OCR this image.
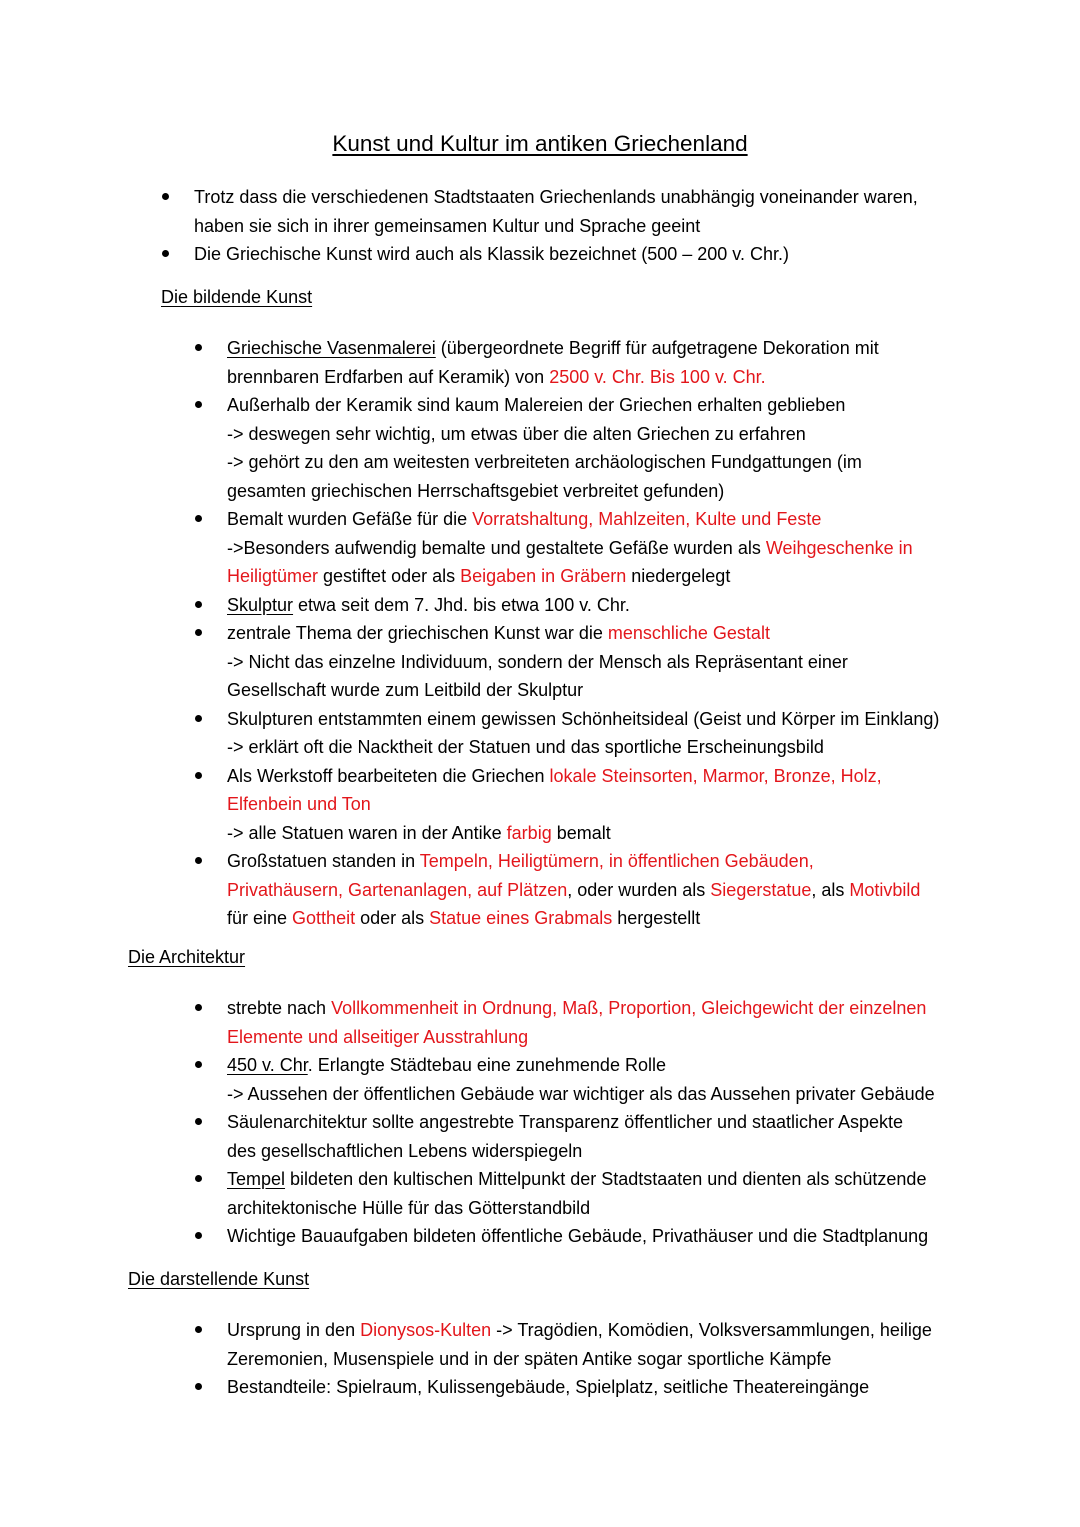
Kunst und Kultur im antiken Griechenland
Trotz dass die verschiedenen Stadtstaaten Griechenlands unabhängig voneinander waren,
haben sie sich in ihrer gemeinsamen Kultur und Sprache geeint
Die Griechische Kunst wird auch als Klassik bezeichnet (500 – 200 v. Chr.)
Die bildende Kunst
Griechische Vasenmalerei (übergeordnete Begriff für aufgetragene Dekoration mit
brennbaren Erdfarben auf Keramik) von 2500 v. Chr. Bis 100 v. Chr.
Außerhalb der Keramik sind kaum Malereien der Griechen erhalten geblieben
-> deswegen sehr wichtig, um etwas über die alten Griechen zu erfahren
-> gehört zu den am weitesten verbreiteten archäologischen Fundgattungen (im
gesamten griechischen Herrschaftsgebiet verbreitet gefunden)
Bemalt wurden Gefäße für die Vorratshaltung, Mahlzeiten, Kulte und Feste
->Besonders aufwendig bemalte und gestaltete Gefäße wurden als Weihgeschenke in
Heiligtümer gestiftet oder als Beigaben in Gräbern niedergelegt
Skulptur etwa seit dem 7. Jhd. bis etwa 100 v. Chr.
zentrale Thema der griechischen Kunst war die menschliche Gestalt
-> Nicht das einzelne Individuum, sondern der Mensch als Repräsentant einer
Gesellschaft wurde zum Leitbild der Skulptur
Skulpturen entstammten einem gewissen Schönheitsideal (Geist und Körper im Einklang)
-> erklärt oft die Nacktheit der Statuen und das sportliche Erscheinungsbild
Als Werkstoff bearbeiteten die Griechen lokale Steinsorten, Marmor, Bronze, Holz,
Elfenbein und Ton
-> alle Statuen waren in der Antike farbig bemalt
Großstatuen standen in Tempeln, Heiligtümern, in öffentlichen Gebäuden,
Privathäusern, Gartenanlagen, auf Plätzen, oder wurden als Siegerstatue, als Motivbild
für eine Gottheit oder als Statue eines Grabmals hergestellt
Die Architektur
strebte nach Vollkommenheit in Ordnung, Maß, Proportion, Gleichgewicht der einzelnen
Elemente und allseitiger Ausstrahlung
450 v. Chr. Erlangte Städtebau eine zunehmende Rolle
-> Aussehen der öffentlichen Gebäude war wichtiger als das Aussehen privater Gebäude
Säulenarchitektur sollte angestrebte Transparenz öffentlicher und staatlicher Aspekte
des gesellschaftlichen Lebens widerspiegeln
Tempel bildeten den kultischen Mittelpunkt der Stadtstaaten und dienten als schützende
architektonische Hülle für das Götterstandbild
Wichtige Bauaufgaben bildeten öffentliche Gebäude, Privathäuser und die Stadtplanung
Die darstellende Kunst
Ursprung in den Dionysos-Kulten -> Tragödien, Komödien, Volksversammlungen, heilige
Zeremonien, Musenspiele und in der späten Antike sogar sportliche Kämpfe
Bestandteile: Spielraum, Kulissengebäude, Spielplatz, seitliche Theatereingänge
